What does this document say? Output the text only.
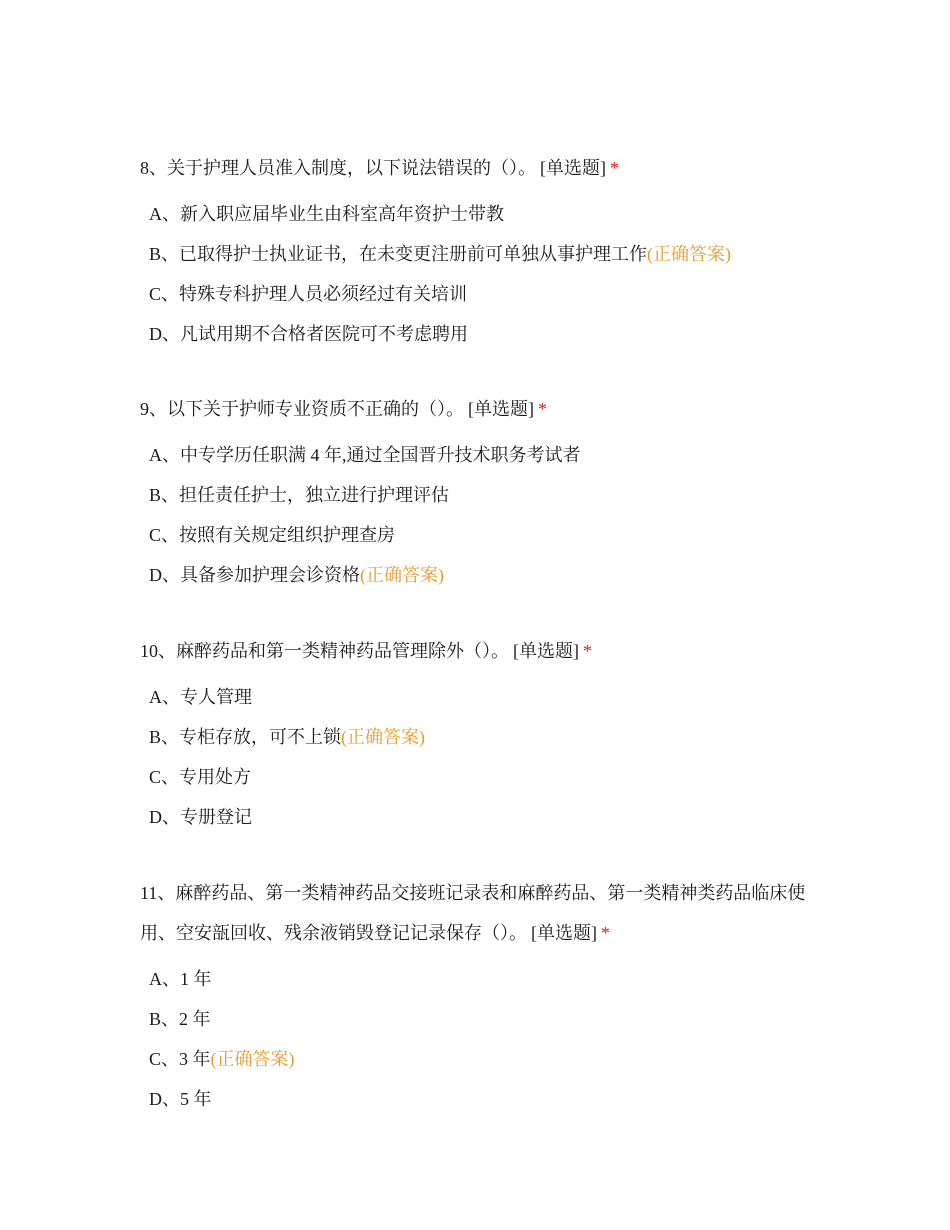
8、关于护理人员准入制度，以下说法错误的（）。 [单选题] *

A、新入职应届毕业生由科室高年资护士带教
B、已取得护士执业证书，在未变更注册前可单独从事护理工作(正确答案)
C、特殊专科护理人员必须经过有关培训
D、凡试用期不合格者医院可不考虑聘用

9、以下关于护师专业资质不正确的（）。 [单选题] *

A、中专学历任职满 4 年,通过全国晋升技术职务考试者
B、担任责任护士，独立进行护理评估
C、按照有关规定组织护理查房
D、具备参加护理会诊资格(正确答案)

10、麻醉药品和第一类精神药品管理除外（）。 [单选题] *

A、专人管理
B、专柜存放，可不上锁(正确答案)
C、专用处方
D、专册登记

11、麻醉药品、第一类精神药品交接班记录表和麻醉药品、第一类精神类药品临床使用、空安瓿回收、残余液销毁登记记录保存（）。 [单选题] *

A、1 年
B、2 年
C、3 年(正确答案)
D、5 年
